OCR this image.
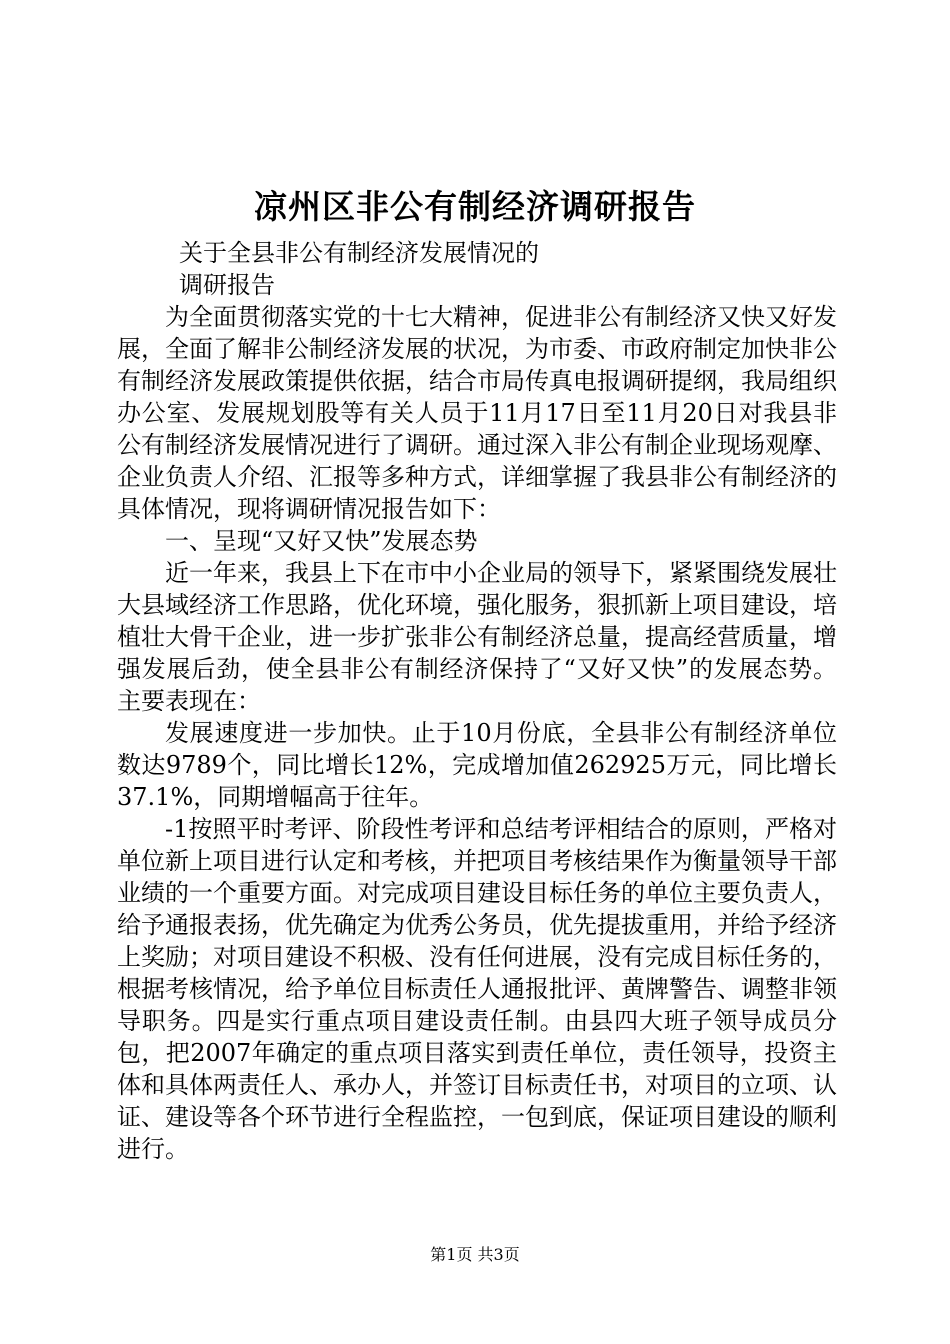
凉州区非公有制经济调研报告

关于全县非公有制经济发展情况的

调研报告

为全面贯彻落实党的十七大精神，促进非公有制经济又快又好发展，全面了解非公制经济发展的状况，为市委、市政府制定加快非公有制经济发展政策提供依据，结合市局传真电报调研提纲，我局组织办公室、发展规划股等有关人员于11月17日至11月20日对我县非公有制经济发展情况进行了调研。通过深入非公有制企业现场观摩、企业负责人介绍、汇报等多种方式，详细掌握了我县非公有制经济的具体情况，现将调研情况报告如下：

一、呈现“又好又快”发展态势

近一年来，我县上下在市中小企业局的领导下，紧紧围绕发展壮大县域经济工作思路，优化环境，强化服务，狠抓新上项目建设，培植壮大骨干企业，进一步扩张非公有制经济总量，提高经营质量，增强发展后劲，使全县非公有制经济保持了“又好又快”的发展态势。主要表现在：

发展速度进一步加快。止于10月份底，全县非公有制经济单位数达9789个，同比增长12%，完成增加值262925万元，同比增长37.1%，同期增幅高于往年。

-1按照平时考评、阶段性考评和总结考评相结合的原则，严格对单位新上项目进行认定和考核，并把项目考核结果作为衡量领导干部业绩的一个重要方面。对完成项目建设目标任务的单位主要负责人，给予通报表扬，优先确定为优秀公务员，优先提拔重用，并给予经济上奖励；对项目建设不积极、没有任何进展，没有完成目标任务的，根据考核情况，给予单位目标责任人通报批评、黄牌警告、调整非领导职务。四是实行重点项目建设责任制。由县四大班子领导成员分包，把2007年确定的重点项目落实到责任单位，责任领导，投资主体和具体两责任人、承办人，并签订目标责任书，对项目的立项、认证、建设等各个环节进行全程监控，一包到底，保证项目建设的顺利进行。

第1页 共3页
